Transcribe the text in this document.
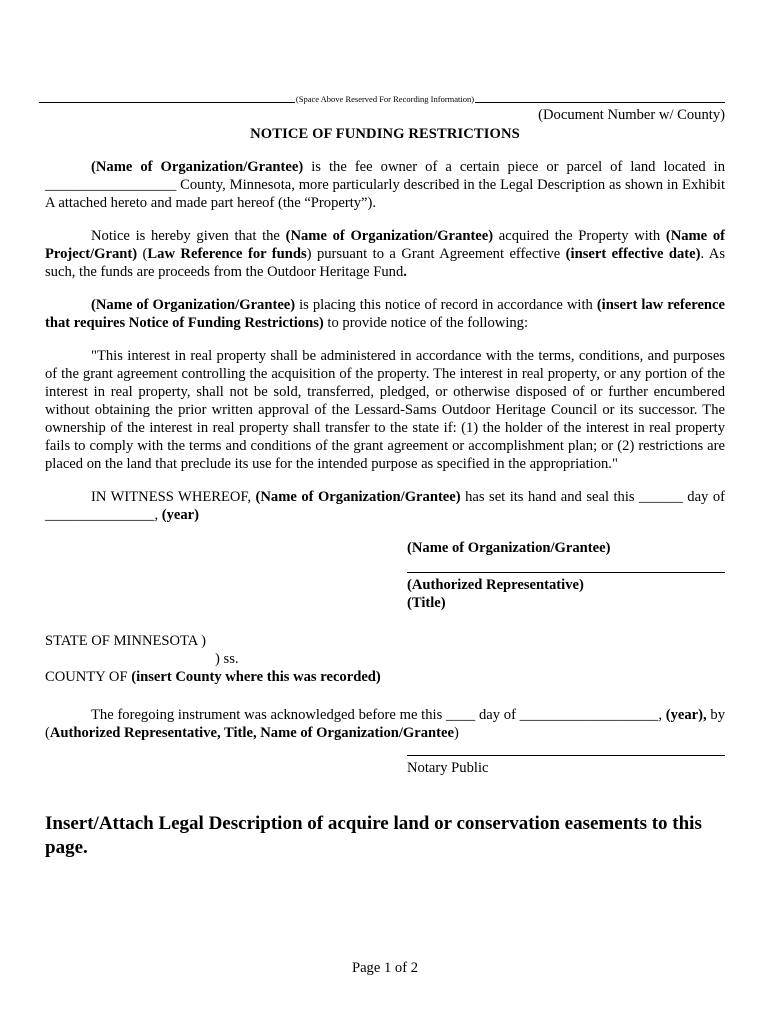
(Space Above Reserved For Recording Information)
(Document Number w/ County)
NOTICE OF FUNDING RESTRICTIONS

(Name of Organization/Grantee) is the fee owner of a certain piece or parcel of land located in __________________ County, Minnesota, more particularly described in the Legal Description as shown in Exhibit A attached hereto and made part hereof (the “Property”).

Notice is hereby given that the (Name of Organization/Grantee) acquired the Property with (Name of Project/Grant) (Law Reference for funds) pursuant to a Grant Agreement effective (insert effective date). As such, the funds are proceeds from the Outdoor Heritage Fund.

(Name of Organization/Grantee) is placing this notice of record in accordance with (insert law reference that requires Notice of Funding Restrictions) to provide notice of the following:

"This interest in real property shall be administered in accordance with the terms, conditions, and purposes of the grant agreement controlling the acquisition of the property. The interest in real property, or any portion of the interest in real property, shall not be sold, transferred, pledged, or otherwise disposed of or further encumbered without obtaining the prior written approval of the Lessard-Sams Outdoor Heritage Council or its successor. The ownership of the interest in real property shall transfer to the state if: (1) the holder of the interest in real property fails to comply with the terms and conditions of the grant agreement or accomplishment plan; or (2) restrictions are placed on the land that preclude its use for the intended purpose as specified in the appropriation."

IN WITNESS WHEREOF, (Name of Organization/Grantee) has set its hand and seal this ______ day of _______________, (year)

(Name of Organization/Grantee)
(Authorized Representative)
(Title)
STATE OF MINNESOTA )
) ss.
COUNTY OF (insert County where this was recorded)

The foregoing instrument was acknowledged before me this ____ day of ___________________, (year), by (Authorized Representative, Title, Name of Organization/Grantee)

Notary Public
Insert/Attach Legal Description of acquire land or conservation easements to this page.
Page 1 of 2
